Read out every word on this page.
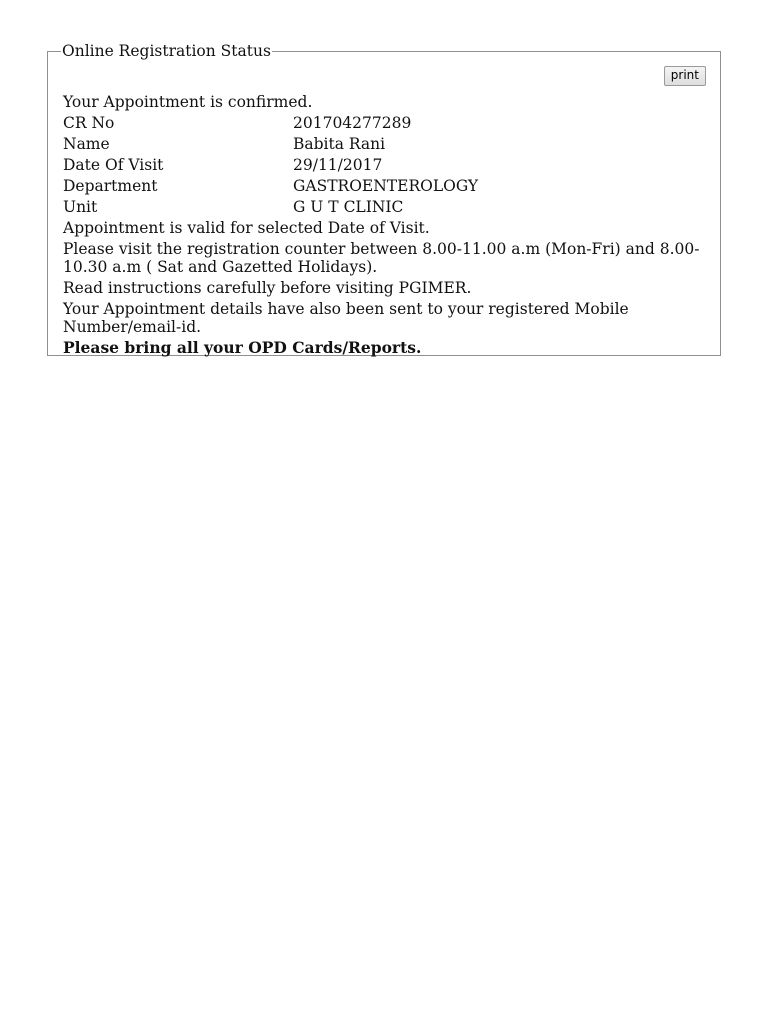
Online Registration Status
print
Your Appointment is confirmed.
CR No	201704277289
Name	Babita Rani
Date Of Visit	29/11/2017
Department	GASTROENTEROLOGY
Unit	G U T CLINIC
Appointment is valid for selected Date of Visit.
Please visit the registration counter between 8.00-11.00 a.m (Mon-Fri) and 8.00-10.30 a.m ( Sat and Gazetted Holidays).
Read instructions carefully before visiting PGIMER.
Your Appointment details have also been sent to your registered Mobile Number/email-id.
Please bring all your OPD Cards/Reports.
